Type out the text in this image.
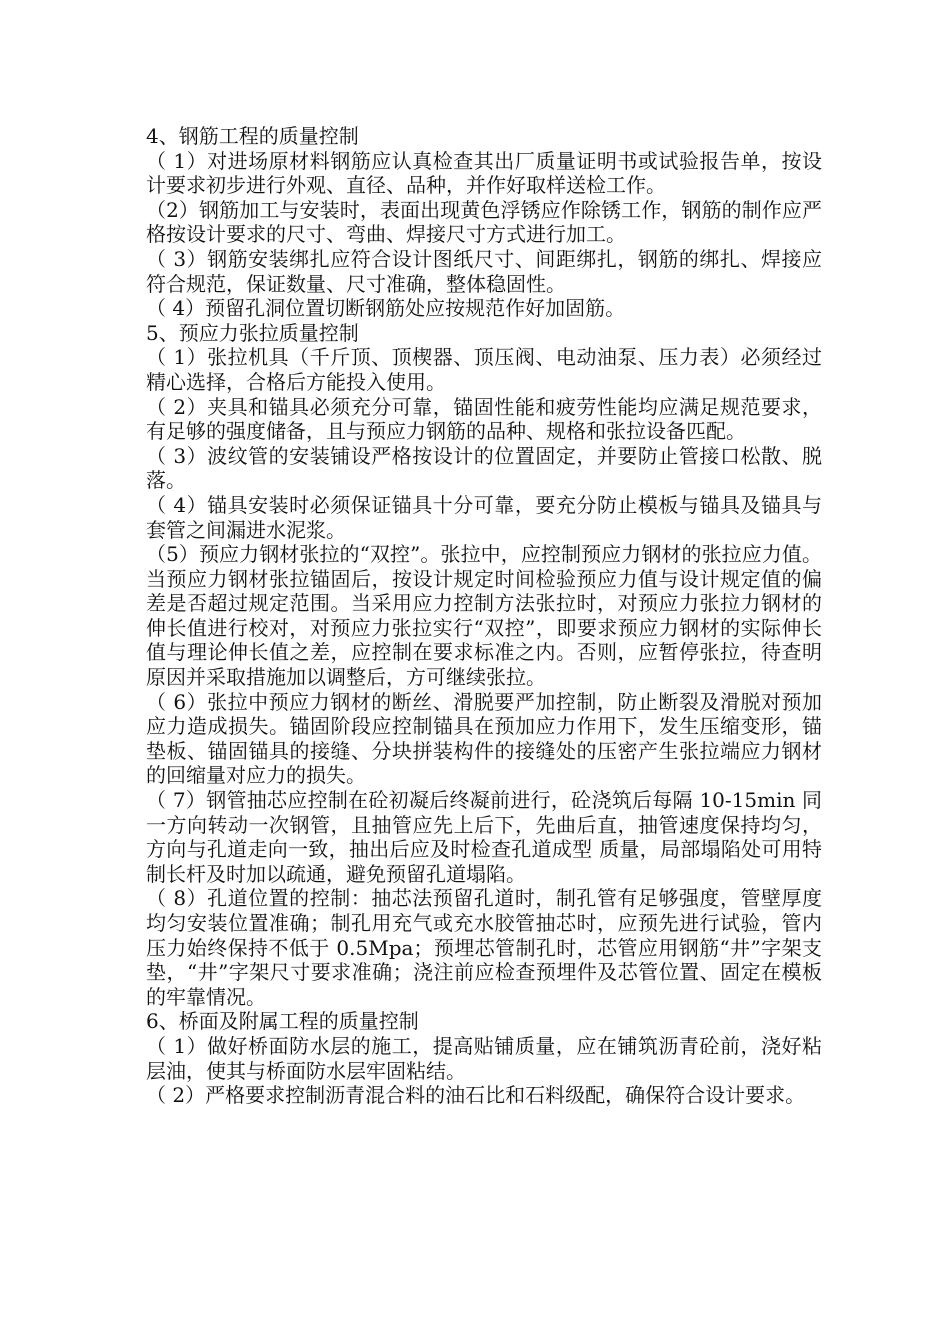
4、钢筋工程的质量控制

（ 1）对进场原材料钢筋应认真检查其出厂质量证明书或试验报告单，按设计要求初步进行外观、直径、品种，并作好取样送检工作。

（2）钢筋加工与安装时，表面出现黄色浮锈应作除锈工作，钢筋的制作应严格按设计要求的尺寸、弯曲、焊接尺寸方式进行加工。

（ 3）钢筋安装绑扎应符合设计图纸尺寸、间距绑扎，钢筋的绑扎、焊接应符合规范，保证数量、尺寸准确，整体稳固性。

（ 4）预留孔洞位置切断钢筋处应按规范作好加固筋。

5、预应力张拉质量控制

（ 1）张拉机具（千斤顶、顶楔器、顶压阀、电动油泵、压力表）必须经过精心选择，合格后方能投入使用。

（ 2）夹具和锚具必须充分可靠，锚固性能和疲劳性能均应满足规范要求，有足够的强度储备，且与预应力钢筋的品种、规格和张拉设备匹配。

（ 3）波纹管的安装铺设严格按设计的位置固定，并要防止管接口松散、脱落。

（ 4）锚具安装时必须保证锚具十分可靠，要充分防止模板与锚具及锚具与套管之间漏进水泥浆。

（5）预应力钢材张拉的“双控”。张拉中，应控制预应力钢材的张拉应力值。当预应力钢材张拉锚固后，按设计规定时间检验预应力值与设计规定值的偏差是否超过规定范围。当采用应力控制方法张拉时，对预应力张拉力钢材的伸长值进行校对，对预应力张拉实行“双控”，即要求预应力钢材的实际伸长值与理论伸长值之差，应控制在要求标准之内。否则，应暂停张拉，待查明原因并采取措施加以调整后，方可继续张拉。

（ 6）张拉中预应力钢材的断丝、滑脱要严加控制，防止断裂及滑脱对预加应力造成损失。锚固阶段应控制锚具在预加应力作用下，发生压缩变形，锚垫板、锚固锚具的接缝、分块拼装构件的接缝处的压密产生张拉端应力钢材的回缩量对应力的损失。

（ 7）钢管抽芯应控制在砼初凝后终凝前进行，砼浇筑后每隔 10-15min 同一方向转动一次钢管，且抽管应先上后下，先曲后直，抽管速度保持均匀，方向与孔道走向一致，抽出后应及时检查孔道成型 质量，局部塌陷处可用特制长杆及时加以疏通，避免预留孔道塌陷。

（ 8）孔道位置的控制：抽芯法预留孔道时，制孔管有足够强度，管壁厚度均匀安装位置准确；制孔用充气或充水胶管抽芯时，应预先进行试验，管内压力始终保持不低于 0.5Mpa；预埋芯管制孔时，芯管应用钢筋“井”字架支垫，“井”字架尺寸要求准确；浇注前应检查预埋件及芯管位置、固定在模板的牢靠情况。

6、桥面及附属工程的质量控制

（ 1）做好桥面防水层的施工，提高贴铺质量，应在铺筑沥青砼前，浇好粘层油，使其与桥面防水层牢固粘结。

（ 2）严格要求控制沥青混合料的油石比和石料级配，确保符合设计要求。
